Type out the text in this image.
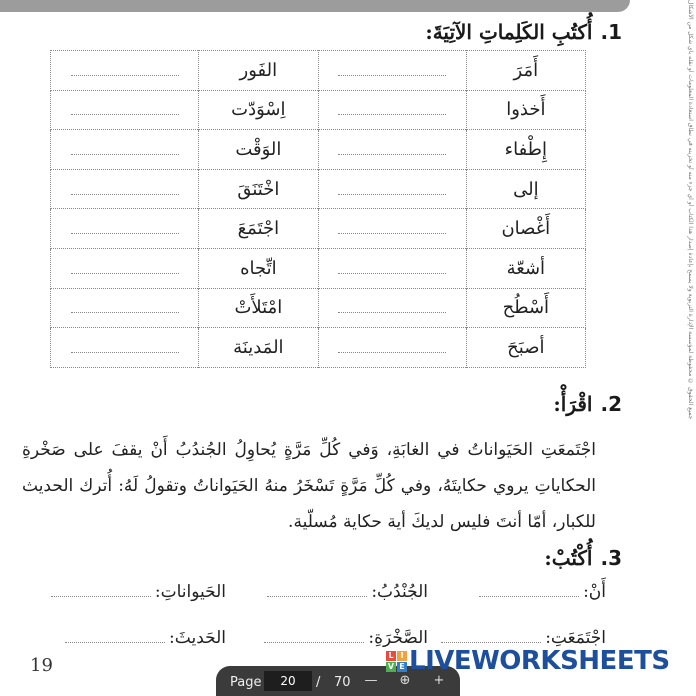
جميع الحقوق © محفوظة لمؤسسة الإدارة التربوية ولا يسمح بإعادة إصدار هذا الكتاب أو أي جزء منه أو تخزينه في نطاق استعادة المعلومات أو نقله بأي شكل من الأشكال
1.أُكتُبِ الكَلِماتِ الآتِيَةَ:
أَمَرَ		الفَور	
أَخذوا		اِسْوَدّت	
إِطْفاء		الوَقْت	
إلى		اخْتَنَقَ	
أَغْصان		اجْتَمَعَ	
أشعّة		اتِّجاه	
أَسْطُح		امْتَلأَتْ	
أصبَحَ		المَدينَة	
2.اقْرَأْ:
اجْتَمعَتِ الحَيَواناتُ في الغابَةِ، وَفي كُلِّ مَرَّةٍ يُحاوِلُ الجُندُبُ أَنْ يقفَ على صَخْرةِ الحكاياتِ يروي حكايتَهُ، وفي كُلِّ مَرَّةٍ تَسْخَرُ منهُ الحَيَواناتُ وتقولُ لَهُ: أُترك الحديث للكبار، أمّا أنتَ فليس لديكَ أية حكاية مُسلّية.
3.أُكْتُبْ:
أَنْ:
الجُنْدُبُ:
الحَيواناتِ:
اجْتَمَعَتِ:
الصَّخْرَةِ:
الحَديثَ:
19
Page
20	/ 70	—	⊕	+
L I
V E LIVEWORKSHEETS
